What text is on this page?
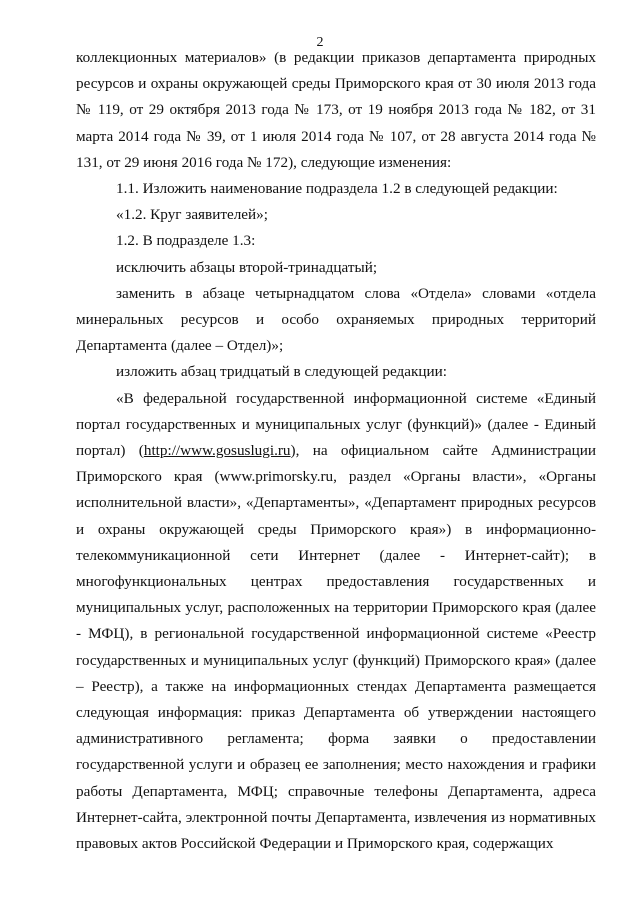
2

коллекционных материалов» (в редакции приказов департамента природных ресурсов и охраны окружающей среды Приморского края от 30 июля 2013 года № 119, от 29 октября 2013 года № 173, от 19 ноября 2013 года № 182, от 31 марта 2014 года № 39, от 1 июля 2014 года № 107, от 28 августа 2014 года № 131, от 29 июня 2016 года № 172), следующие изменения:

1.1. Изложить наименование подраздела 1.2 в следующей редакции:

«1.2. Круг заявителей»;

1.2. В подразделе 1.3:

исключить абзацы второй-тринадцатый;

заменить в абзаце четырнадцатом слова «Отдела» словами «отдела минеральных ресурсов и особо охраняемых природных территорий Департамента (далее – Отдел)»;

изложить абзац тридцатый в следующей редакции:

«В федеральной государственной информационной системе «Единый портал государственных и муниципальных услуг (функций)» (далее - Единый портал) (http://www.gosuslugi.ru), на официальном сайте Администрации Приморского края (www.primorsky.ru, раздел «Органы власти», «Органы исполнительной власти», «Департаменты», «Департамент природных ресурсов и охраны окружающей среды Приморского края») в информационно-телекоммуникационной сети Интернет (далее - Интернет-сайт); в многофункциональных центрах предоставления государственных и муниципальных услуг, расположенных на территории Приморского края (далее - МФЦ), в региональной государственной информационной системе «Реестр государственных и муниципальных услуг (функций) Приморского края» (далее – Реестр), а также на информационных стендах Департамента размещается следующая информация: приказ Департамента об утверждении настоящего административного регламента; форма заявки о предоставлении государственной услуги и образец ее заполнения; место нахождения и графики работы Департамента, МФЦ; справочные телефоны Департамента, адреса Интернет-сайта, электронной почты Департамента, извлечения из нормативных правовых актов Российской Федерации и Приморского края, содержащих
